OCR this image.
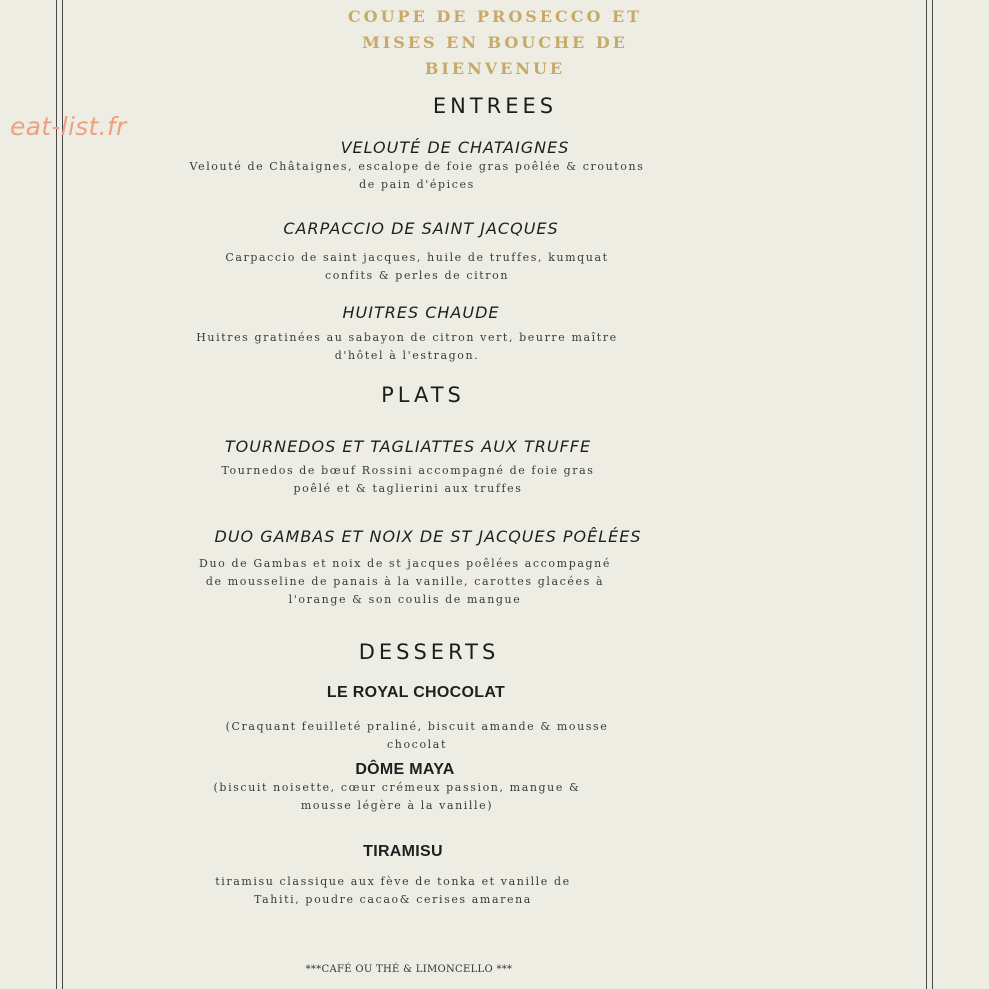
eat-list.fr
COUPE DE PROSECCO ET
MISES EN BOUCHE DE
BIENVENUE
ENTREES
VELOUTÉ DE CHATAIGNES
Velouté de Châtaignes, escalope de foie gras poêlée & croutons
de pain d'épices
CARPACCIO DE SAINT JACQUES
Carpaccio de saint jacques, huile de truffes, kumquat
confits & perles de citron
HUITRES CHAUDE
Huitres gratinées au sabayon de citron vert, beurre maître
d'hôtel à l'estragon.
PLATS
TOURNEDOS ET TAGLIATTES AUX TRUFFE
Tournedos de bœuf Rossini accompagné de foie gras
poêlé et & taglierini aux truffes
DUO GAMBAS ET NOIX DE ST JACQUES POÊLÉES
Duo de Gambas et noix de st jacques poêlées accompagné
de mousseline de panais à la vanille, carottes glacées à
l'orange & son coulis de mangue
DESSERTS
LE ROYAL CHOCOLAT
(Craquant feuilleté praliné, biscuit amande & mousse
chocolat
DÔME MAYA
(biscuit noisette, cœur crémeux passion, mangue &
mousse légère à la vanille)
TIRAMISU
tiramisu classique aux fève de tonka et vanille de
Tahiti, poudre cacao& cerises amarena
***CAFÉ OU THÉ & LIMONCELLO ***
